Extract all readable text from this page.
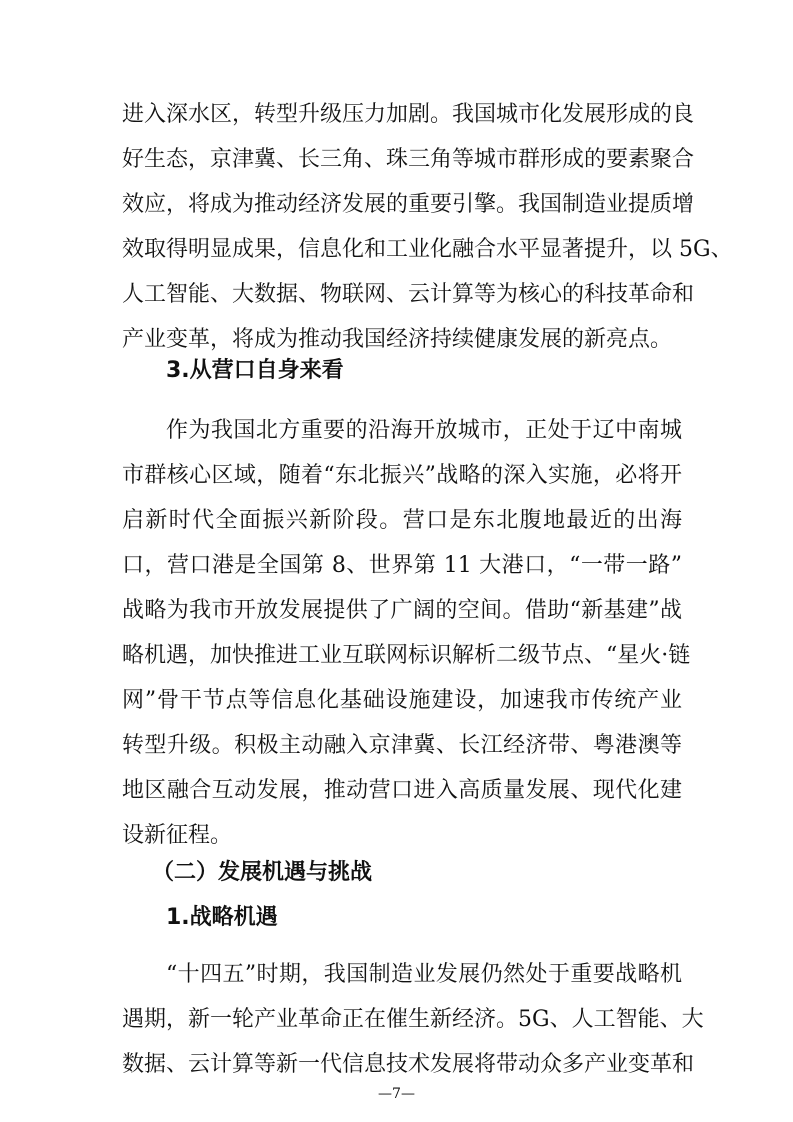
进入深水区，转型升级压力加剧。我国城市化发展形成的良
好生态，京津冀、长三角、珠三角等城市群形成的要素聚合
效应，将成为推动经济发展的重要引擎。我国制造业提质增
效取得明显成果，信息化和工业化融合水平显著提升，以 5G、
人工智能、大数据、物联网、云计算等为核心的科技革命和
产业变革，将成为推动我国经济持续健康发展的新亮点。
3.从营口自身来看
作为我国北方重要的沿海开放城市，正处于辽中南城
市群核心区域，随着“东北振兴”战略的深入实施，必将开
启新时代全面振兴新阶段。营口是东北腹地最近的出海
口，营口港是全国第 8、世界第 11 大港口，“一带一路”
战略为我市开放发展提供了广阔的空间。借助“新基建”战
略机遇，加快推进工业互联网标识解析二级节点、“星火·链
网”骨干节点等信息化基础设施建设，加速我市传统产业
转型升级。积极主动融入京津冀、长江经济带、粤港澳等
地区融合互动发展，推动营口进入高质量发展、现代化建
设新征程。
（二）发展机遇与挑战
1.战略机遇
“十四五”时期，我国制造业发展仍然处于重要战略机
遇期，新一轮产业革命正在催生新经济。5G、人工智能、大
数据、云计算等新一代信息技术发展将带动众多产业变革和
—7—
